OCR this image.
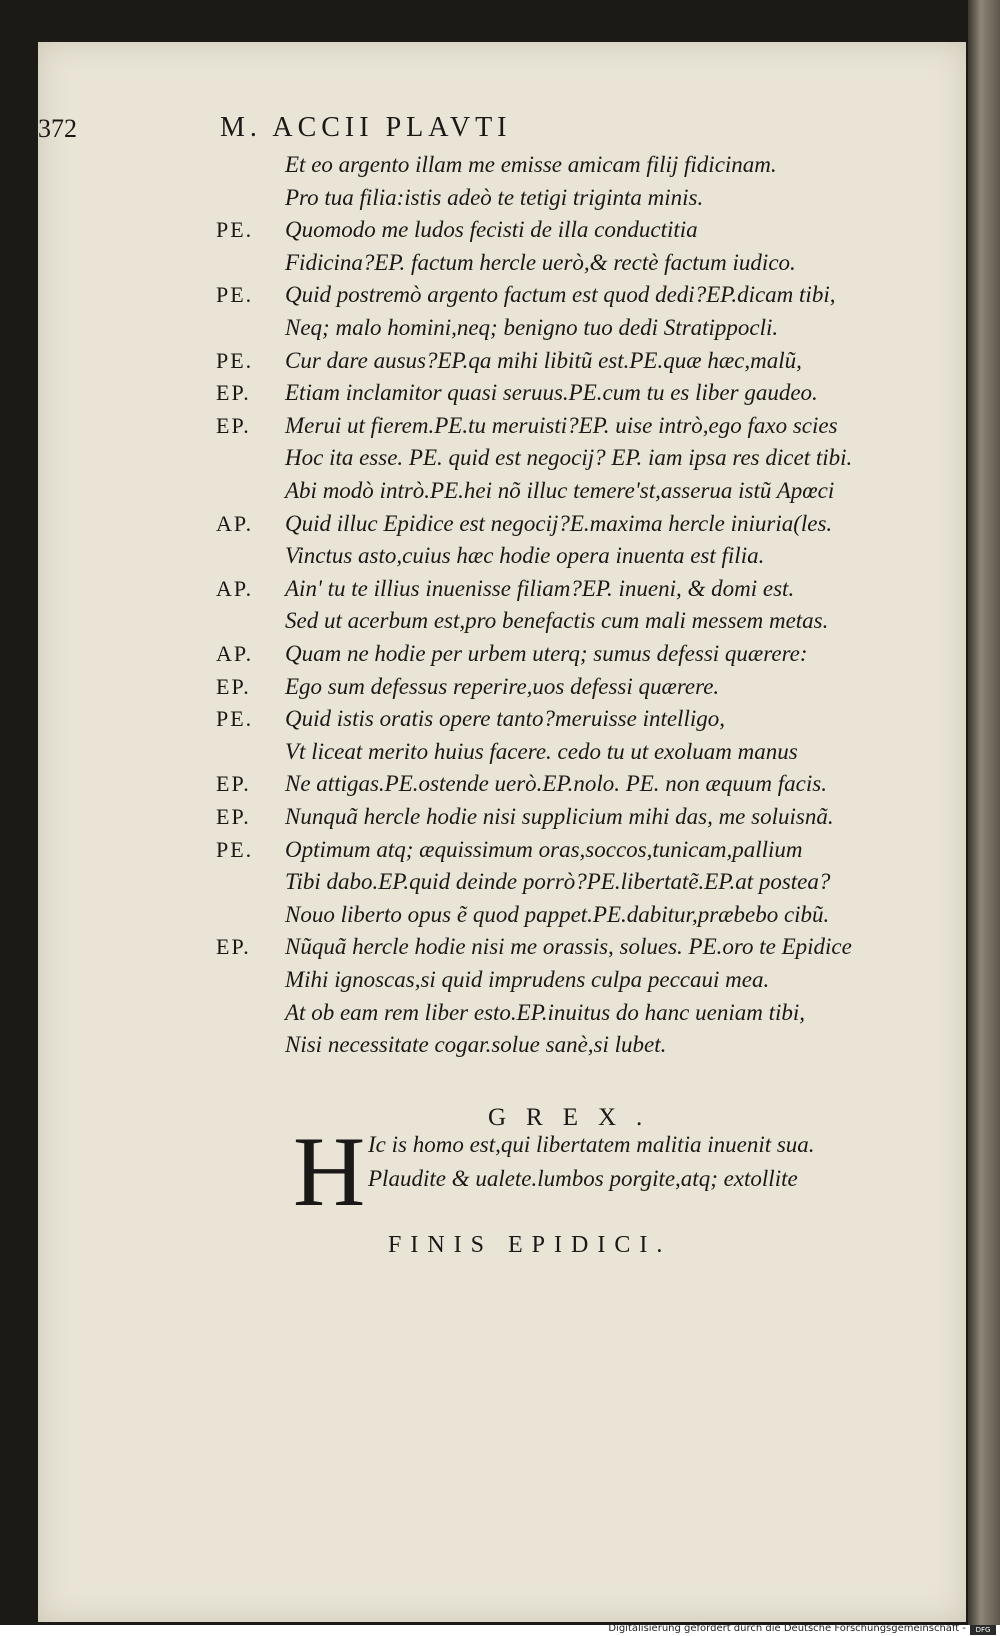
372	M. ACCII PLAVTI
Et eo argento illam me emisse amicam filij fidicinam.
Pro tua filia:istis adeò te tetigi triginta minis.
PE. Quomodo me ludos fecisti de illa conductitia
Fidicina?EP. factum hercle uerò,& rectè factum iudico.
PE. Quid postremò argento factum est quod dedi?EP.dicam tibi,
Neq; malo homini,neq; benigno tuo dedi Stratippocli.
PE. Cur dare ausus?EP.qa mihi libitũ est.PE.quæ hæc,malũ,
EP. Etiam inclamitor quasi seruus.PE.cum tu es liber gaudeo.
EP. Merui ut fierem.PE.tu meruisti?EP. uise intrò,ego faxo scies
Hoc ita esse. PE. quid est negocij? EP. iam ipsa res dicet tibi.
Abi modò intrò.PE.hei nõ illuc temere'st,asserua istũ Apœci
AP. Quid illuc Epidice est negocij?E.maxima hercle iniuria(les.
Vinctus asto,cuius hæc hodie opera inuenta est filia.
AP. Ain' tu te illius inuenisse filiam?EP. inueni, & domi est.
Sed ut acerbum est,pro benefactis cum mali messem metas.
AP. Quam ne hodie per urbem uterq; sumus defessi quærere:
EP. Ego sum defessus reperire,uos defessi quærere.
PE. Quid istis oratis opere tanto?meruisse intelligo,
Vt liceat merito huius facere. cedo tu ut exoluam manus
EP. Ne attigas.PE.ostende uerò.EP.nolo. PE. non æquum facis.
EP. Nunquã hercle hodie nisi supplicium mihi das, me soluisnã.
PE. Optimum atq; æquissimum oras,soccos,tunicam,pallium
Tibi dabo.EP.quid deinde porrò?PE.libertatẽ.EP.at postea?
Nouo liberto opus ẽ quod pappet.PE.dabitur,præbebo cibũ.
EP. Nũquã hercle hodie nisi me orassis, solues. PE.oro te Epidice
Mihi ignoscas,si quid imprudens culpa peccaui mea.
At ob eam rem liber esto.EP.inuitus do hanc ueniam tibi,
Nisi necessitate cogar.solue sanè,si lubet.
GREX.
H Ic is homo est,qui libertatem malitia inuenit sua.
Plaudite & ualete.lumbos porgite,atq; extollite
FINIS EPIDICI.
Digitalisierung gefördert durch die Deutsche Forschungsgemeinschaft -	DFG
